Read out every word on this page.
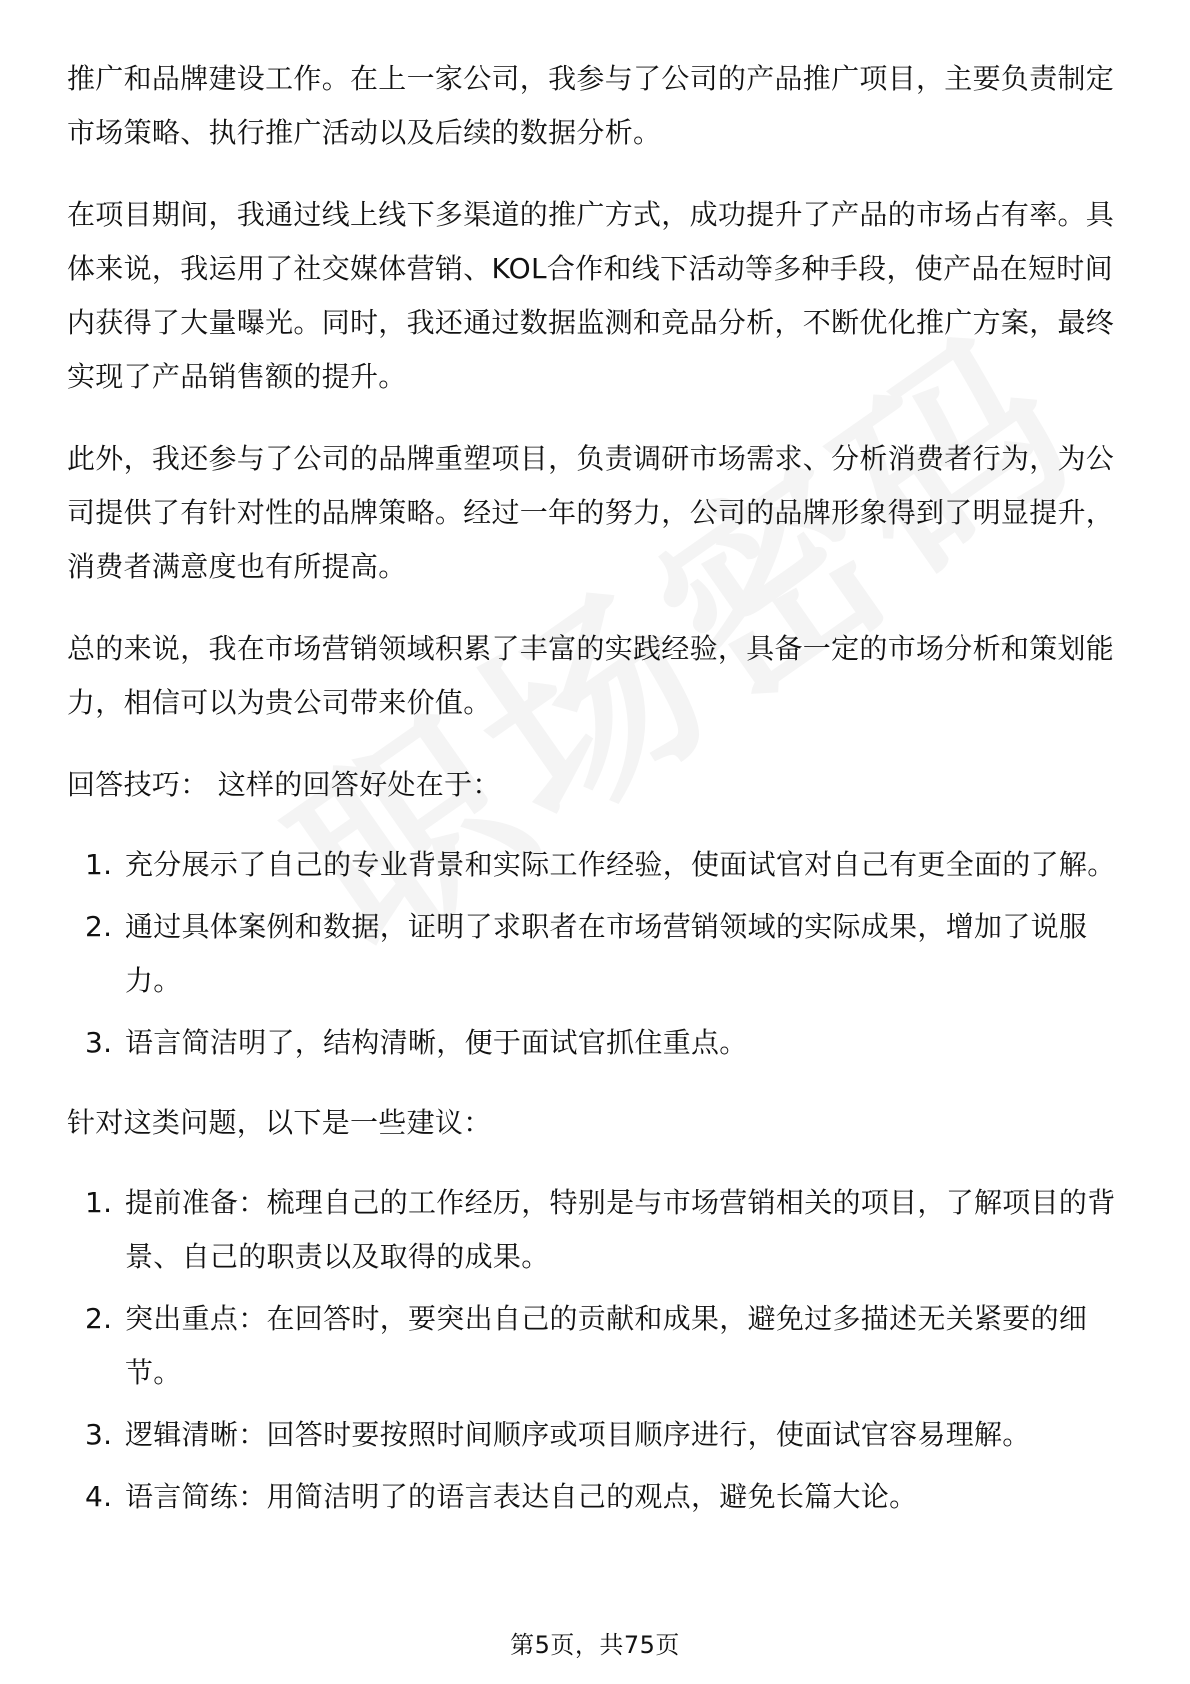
推广和品牌建设工作。在上一家公司，我参与了公司的产品推广项目，主要负责制定市场策略、执行推广活动以及后续的数据分析。

在项目期间，我通过线上线下多渠道的推广方式，成功提升了产品的市场占有率。具体来说，我运用了社交媒体营销、KOL合作和线下活动等多种手段，使产品在短时间内获得了大量曝光。同时，我还通过数据监测和竞品分析，不断优化推广方案，最终实现了产品销售额的提升。

此外，我还参与了公司的品牌重塑项目，负责调研市场需求、分析消费者行为，为公司提供了有针对性的品牌策略。经过一年的努力，公司的品牌形象得到了明显提升，消费者满意度也有所提高。

总的来说，我在市场营销领域积累了丰富的实践经验，具备一定的市场分析和策划能力，相信可以为贵公司带来价值。

回答技巧： 这样的回答好处在于：

1. 充分展示了自己的专业背景和实际工作经验，使面试官对自己有更全面的了解。
2. 通过具体案例和数据，证明了求职者在市场营销领域的实际成果，增加了说服力。
3. 语言简洁明了，结构清晰，便于面试官抓住重点。

针对这类问题，以下是一些建议：

1. 提前准备：梳理自己的工作经历，特别是与市场营销相关的项目，了解项目的背景、自己的职责以及取得的成果。
2. 突出重点：在回答时，要突出自己的贡献和成果，避免过多描述无关紧要的细节。
3. 逻辑清晰：回答时要按照时间顺序或项目顺序进行，使面试官容易理解。
4. 语言简练：用简洁明了的语言表达自己的观点，避免长篇大论。
第5页，共75页
